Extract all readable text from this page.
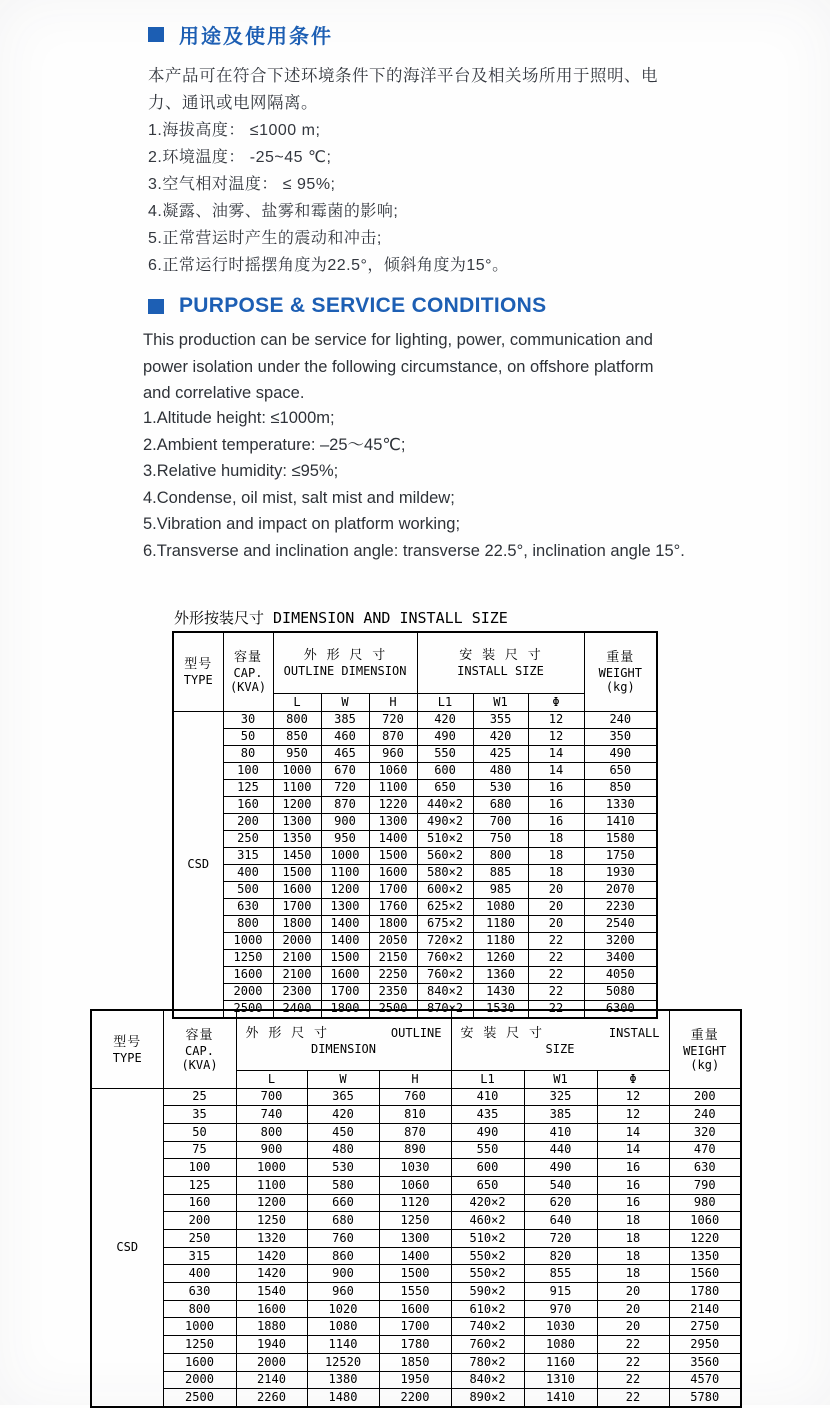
用途及使用条件
本产品可在符合下述环境条件下的海洋平台及相关场所用于照明、电力、通讯或电网隔离。
1.海拔高度： ≤1000 m;
2.环境温度： -25~45 ℃;
3.空气相对温度： ≤ 95%;
4.凝露、油雾、盐雾和霉菌的影响;
5.正常营运时产生的震动和冲击;
6.正常运行时摇摆角度为22.5°，倾斜角度为15°。
PURPOSE & SERVICE CONDITIONS
This production can be service for lighting, power, communication and power isolation under the following circumstance, on offshore platform and correlative space.
1.Altitude height: ≤1000m;
2.Ambient temperature: –25～45℃;
3.Relative humidity: ≤95%;
4.Condense, oil mist, salt mist and mildew;
5.Vibration and impact on platform working;
6.Transverse and inclination angle: transverse 22.5°, inclination angle 15°.
外形按装尺寸 DIMENSION AND INSTALL SIZE
型号
TYPE	容量
CAP.
(KVA)	外 形 尺 寸
OUTLINE DIMENSION			安 装 尺 寸
INSTALL SIZE			重量
WEIGHT
(kg)

		L	W	H	L1	W1	Φ	
CSD	30	800	385	720	420	355	12	240
	50	850	460	870	490	420	12	350
	80	950	465	960	550	425	14	490
	100	1000	670	1060	600	480	14	650
	125	1100	720	1100	650	530	16	850
	160	1200	870	1220	440×2	680	16	1330
	200	1300	900	1300	490×2	700	16	1410
	250	1350	950	1400	510×2	750	18	1580
	315	1450	1000	1500	560×2	800	18	1750
	400	1500	1100	1600	580×2	885	18	1930
	500	1600	1200	1700	600×2	985	20	2070
	630	1700	1300	1760	625×2	1080	20	2230
	800	1800	1400	1800	675×2	1180	20	2540
	1000	2000	1400	2050	720×2	1180	22	3200
	1250	2100	1500	2150	760×2	1260	22	3400
	1600	2100	1600	2250	760×2	1360	22	4050
	2000	2300	1700	2350	840×2	1430	22	5080
	2500	2400	1800	2500	870×2	1530	22	6300
型号
TYPE	容量
CAP.
(KVA)	外 形 尺 寸 OUTLINE
DIMENSION			安 装 尺 寸 INSTALL
SIZE			重量
WEIGHT
(kg)

		L	W	H	L1	W1	Φ	
CSD	25	700	365	760	410	325	12	200
	35	740	420	810	435	385	12	240
	50	800	450	870	490	410	14	320
	75	900	480	890	550	440	14	470
	100	1000	530	1030	600	490	16	630
	125	1100	580	1060	650	540	16	790
	160	1200	660	1120	420×2	620	16	980
	200	1250	680	1250	460×2	640	18	1060
	250	1320	760	1300	510×2	720	18	1220
	315	1420	860	1400	550×2	820	18	1350
	400	1420	900	1500	550×2	855	18	1560
	630	1540	960	1550	590×2	915	20	1780
	800	1600	1020	1600	610×2	970	20	2140
	1000	1880	1080	1700	740×2	1030	20	2750
	1250	1940	1140	1780	760×2	1080	22	2950
	1600	2000	12520	1850	780×2	1160	22	3560
	2000	2140	1380	1950	840×2	1310	22	4570
	2500	2260	1480	2200	890×2	1410	22	5780
